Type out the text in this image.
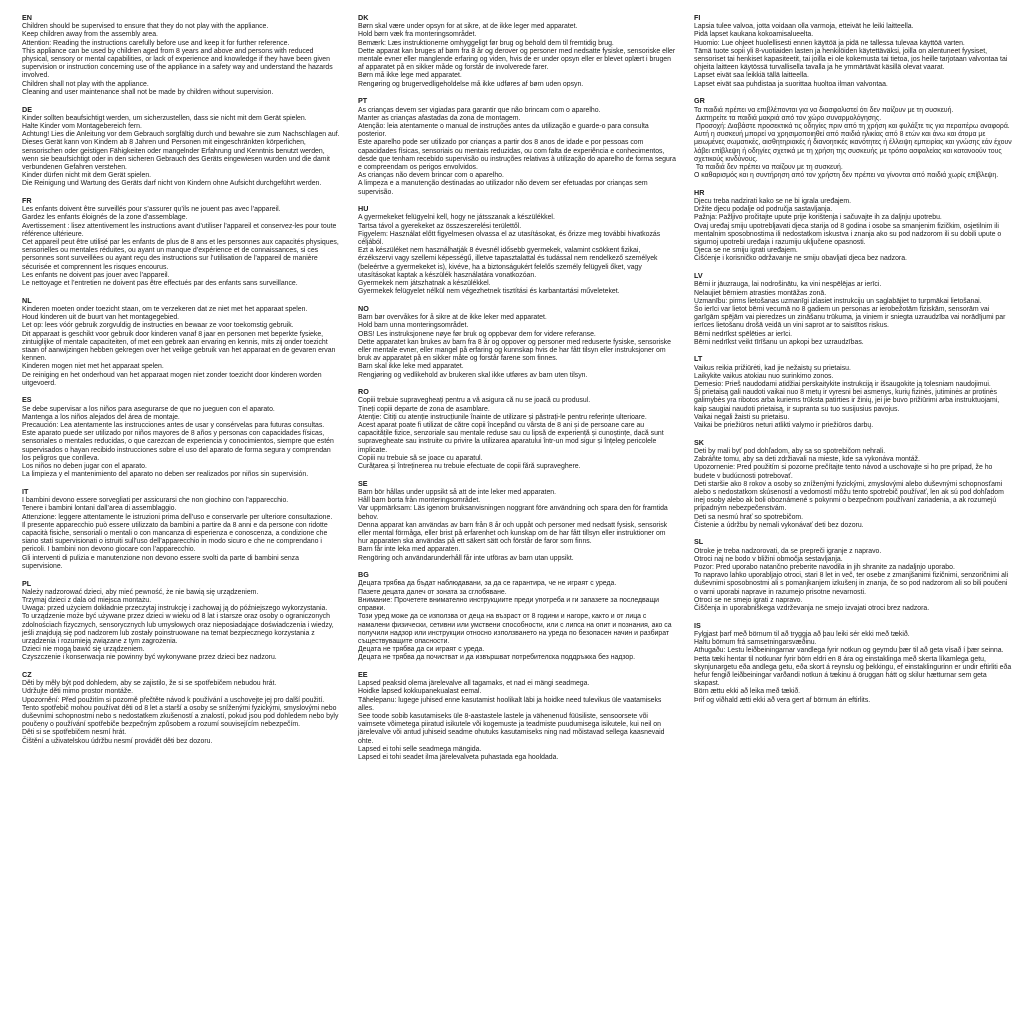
EN
Children should be supervised to ensure that they do not play with the appliance.
Keep children away from the assembly area.
Attention: Reading the instructions carefully before use and keep it for further reference.
This appliance can be used by children aged from 8 years and above and persons with reduced physical, sensory or mental capabilities, or lack of experience and knowledge if they have been given supervision or instruction concerning use of the appliance in a safety way and understand the hazards involved.
Children shall not play with the appliance.
Cleaning and user maintenance shall not be made by children without supervision.
DE
Kinder sollten beaufsichtigt werden, um sicherzustellen, dass sie nicht mit dem Gerät spielen.
Halte Kinder vom Montagebereich fern.
Achtung! Lies die Anleitung vor dem Gebrauch sorgfältig durch und bewahre sie zum Nachschlagen auf.
Dieses Gerät kann von Kindern ab 8 Jahren und Personen mit eingeschränkten körperlichen, sensorischen oder geistigen Fähigkeiten oder mangelnder Erfahrung und Kenntnis benutzt werden, wenn sie beaufsichtigt oder in den sicheren Gebrauch des Geräts eingewiesen wurden und die damit verbundenen Gefahren verstehen.
Kinder dürfen nicht mit dem Gerät spielen.
Die Reinigung und Wartung des Geräts darf nicht von Kindern ohne Aufsicht durchgeführt werden.
FR
Les enfants doivent être surveillés pour s’assurer qu’ils ne jouent pas avec l’appareil.
Gardez les enfants éloignés de la zone d’assemblage.
Avertissement : lisez attentivement les instructions avant d’utiliser l’appareil et conservez-les pour toute référence ultérieure.
Cet appareil peut être utilisé par les enfants de plus de 8 ans et les personnes aux capacités physiques, sensorielles ou mentales réduites, ou ayant un manque d’expérience et de connaissances, si ces personnes sont surveillées ou ayant reçu des instructions sur l’utilisation de l’appareil de manière sécurisée et comprennent les risques encourus.
Les enfants ne doivent pas jouer avec l’appareil.
Le nettoyage et l’entretien ne doivent pas être effectués par des enfants sans surveillance.
NL
Kinderen moeten onder toezicht staan, om te verzekeren dat ze niet met het apparaat spelen.
Houd kinderen uit de buurt van het montagegebied.
Let op: lees vóór gebruik zorgvuldig de instructies en bewaar ze voor toekomstig gebruik.
Dit apparaat is geschikt voor gebruik door kinderen vanaf 8 jaar en personen met beperkte fysieke, zintuiglijke of mentale capaciteiten, of met een gebrek aan ervaring en kennis, mits zij onder toezicht staan of aanwijzingen hebben gekregen over het veilige gebruik van het apparaat en de gevaren ervan kennen.
Kinderen mogen niet met het apparaat spelen.
De reiniging en het onderhoud van het apparaat mogen niet zonder toezicht door kinderen worden uitgevoerd.
ES
Se debe supervisar a los niños para asegurarse de que no jueguen con el aparato.
Mantenga a los niños alejados del área de montaje.
Precaución: Lea atentamente las instrucciones antes de usar y consérvelas para futuras consultas.
Este aparato puede ser utilizado por niños mayores de 8 años y personas con capacidades físicas, sensoriales o mentales reducidas, o que carezcan de experiencia y conocimientos, siempre que estén supervisados o hayan recibido instrucciones sobre el uso del aparato de forma segura y comprendan los peligros que conlleva.
Los niños no deben jugar con el aparato.
La limpieza y el mantenimiento del aparato no deben ser realizados por niños sin supervisión.
IT
I bambini devono essere sorvegliati per assicurarsi che non giochino con l’apparecchio.
Tenere i bambini lontani dall’area di assemblaggio.
Attenzione: leggere attentamente le istruzioni prima dell’uso e conservarle per ulteriore consultazione.
Il presente apparecchio può essere utilizzato da bambini a partire da 8 anni e da persone con ridotte capacità fisiche, sensoriali o mentali o con mancanza di esperienza e conoscenza, a condizione che siano stati supervisionati o istruiti sull’uso dell’apparecchio in modo sicuro e che ne comprendano i pericoli. I bambini non devono giocare con l’apparecchio.
Gli interventi di pulizia e manutenzione non devono essere svolti da parte di bambini senza supervisione.
PL
Należy nadzorować dzieci, aby mieć pewność, że nie bawią się urządzeniem.
Trzymaj dzieci z dala od miejsca montażu.
Uwaga: przed użyciem dokładnie przeczytaj instrukcję i zachowaj ją do późniejszego wykorzystania.
To urządzenie może być używane przez dzieci w wieku od 8 lat i starsze oraz osoby o ograniczonych zdolnościach fizycznych, sensorycznych lub umysłowych oraz nieposiadające doświadczenia i wiedzy, jeśli znajdują się pod nadzorem lub zostały poinstruowane na temat bezpiecznego korzystania z urządzenia i rozumieją związane z tym zagrożenia.
Dzieci nie mogą bawić się urządzeniem.
Czyszczenie i konserwacja nie powinny być wykonywane przez dzieci bez nadzoru.
CZ
Děti by měly být pod dohledem, aby se zajistilo, že si se spotřebičem nebudou hrát.
Udržujte děti mimo prostor montáže.
Upozornění: Před použitím si pozorně přečtěte návod k používání a uschovejte jej pro další použití.
Tento spotřebič mohou používat děti od 8 let a starší a osoby se sníženými fyzickými, smyslovými nebo duševními schopnostmi nebo s nedostatkem zkušeností a znalostí, pokud jsou pod dohledem nebo byly poučeny o používání spotřebiče bezpečným způsobem a rozumí souvisejícím nebezpečím.
Děti si se spotřebičem nesmí hrát.
Čištění a uživatelskou údržbu nesmí provádět děti bez dozoru.
DK
Børn skal være under opsyn for at sikre, at de ikke leger med apparatet.
Hold børn væk fra monteringsområdet.
Bemærk: Læs instruktionerne omhyggeligt før brug og behold dem til fremtidig brug.
Dette apparat kan bruges af børn fra 8 år og derover og personer med nedsatte fysiske, sensoriske eller mentale evner eller manglende erfaring og viden, hvis de er under opsyn eller er blevet oplært i brugen af apparatet på en sikker måde og forstår de involverede farer.
Børn må ikke lege med apparatet.
Rengøring og brugervedligeholdelse må ikke udføres af børn uden opsyn.
PT
As crianças devem ser vigiadas para garantir que não brincam com o aparelho.
Manter as crianças afastadas da zona de montagem.
Atenção: leia atentamente o manual de instruções antes da utilização e guarde-o para consulta posterior.
Este aparelho pode ser utilizado por crianças a partir dos 8 anos de idade e por pessoas com capacidades físicas, sensoriais ou mentais reduzidas, ou com falta de experiência e conhecimentos, desde que tenham recebido supervisão ou instruções relativas à utilização do aparelho de forma segura e compreendam os perigos envolvidos.
As crianças não devem brincar com o aparelho.
A limpeza e a manutenção destinadas ao utilizador não devem ser efetuadas por crianças sem supervisão.
HU
A gyermekeket felügyelni kell, hogy ne játsszanak a készülékkel.
Tartsa távol a gyerekeket az összeszerelési területtől.
Figyelem: Használat előtt figyelmesen olvassa el az utasításokat, és őrizze meg további hivatkozás céljából.
Ezt a készüléket nem használhatják 8 évesnél idősebb gyermekek, valamint csökkent fizikai, érzékszervi vagy szellemi képességű, illetve tapasztalattal és tudással nem rendelkező személyek (beleértve a gyermekeket is), kivéve, ha a biztonságukért felelős személy felügyeli őket, vagy utasításokat kaptak a készülék használatára vonatkozóan.
Gyermekek nem játszhatnak a készülékkel.
Gyermekek felügyelet nélkül nem végezhetnek tisztítási és karbantartási műveleteket.
NO
Barn bør overvåkes for å sikre at de ikke leker med apparatet.
Hold barn unna monteringsområdet.
OBS! Les instruksjonene nøye før bruk og oppbevar dem for videre referanse.
Dette apparatet kan brukes av barn fra 8 år og oppover og personer med reduserte fysiske, sensoriske eller mentale evner, eller mangel på erfaring og kunnskap hvis de har fått tilsyn eller instruksjoner om bruk av apparatet på en sikker måte og forstår farene som finnes.
Barn skal ikke leke med apparatet.
Rengjøring og vedlikehold av brukeren skal ikke utføres av barn uten tilsyn.
RO
Copiii trebuie supravegheați pentru a vă asigura că nu se joacă cu produsul.
Țineți copiii departe de zona de asamblare.
Atenție: Citiți cu atenție instrucțiunile înainte de utilizare și păstrați-le pentru referințe ulterioare.
Acest aparat poate fi utilizat de către copii începând cu vârsta de 8 ani și de persoane care au capacitățile fizice, senzoriale sau mentale reduse sau cu lipsă de experiență și cunoștințe, dacă sunt supravegheate sau instruite cu privire la utilizarea aparatului într-un mod sigur și înțeleg pericolele implicate.
Copiii nu trebuie să se joace cu aparatul.
Curățarea și întreținerea nu trebuie efectuate de copii fără supraveghere.
SE
Barn bör hållas under uppsikt så att de inte leker med apparaten.
Håll barn borta från monteringsområdet.
Var uppmärksam: Läs igenom bruksanvisningen noggrant före användning och spara den för framtida behov.
Denna apparat kan användas av barn från 8 år och uppåt och personer med nedsatt fysisk, sensorisk eller mental förmåga, eller brist på erfarenhet och kunskap om de har fått tillsyn eller instruktioner om hur apparaten ska användas på ett säkert sätt och förstår de faror som finns.
Barn får inte leka med apparaten.
Rengöring och användarunderhåll får inte utföras av barn utan uppsikt.
BG
Децата трябва да бъдат наблюдавани, за да се гарантира, че не играят с уреда.
Пазете децата далеч от зоната за сглобяване.
Внимание: Прочетете внимателно инструкциите преди употреба и ги запазете за последващи справки.
Този уред може да се използва от деца на възраст от 8 години и нагоре, както и от лица с намалени физически, сетивни или умствени способности, или с липса на опит и познания, ако са получили надзор или инструкции относно използването на уреда по безопасен начин и разбират съществуващите опасности.
Децата не трябва да си играят с уреда.
Децата не трябва да почистват и да извършват потребителска поддръжка без надзор.
EE
Lapsed peaksid olema järelevalve all tagamaks, et nad ei mängi seadmega.
Hoidke lapsed kokkupanekualast eemal.
Tähelepanu: lugege juhised enne kasutamist hoolikalt läbi ja hoidke need tulevikus üle vaatamiseks alles.
See toode sobib kasutamiseks üle 8-aastastele lastele ja vähenenud füüsiliste, sensoorsete või vaimsete võimetega piiratud isikutele või kogemuste ja teadmiste puudumisega isikutele, kui neil on järelevalve või antud juhiseid seadme ohutuks kasutamiseks ning nad mõistavad sellega kaasnevaid ohte.
Lapsed ei tohi selle seadmega mängida.
Lapsed ei tohi seadet ilma järelevalveta puhastada ega hooldada.
FI
Lapsia tulee valvoa, jotta voidaan olla varmoja, etteivät he leiki laitteella.
Pidä lapset kaukana kokoamisalueelta.
Huomio: Lue ohjeet huolellisesti ennen käyttöä ja pidä ne tallessa tulevaa käyttöä varten.
Tämä tuote sopii yli 8-vuotiaiden lasten ja henkilöiden käytettäväksi, joilla on alentuneet fyysiset, sensoriset tai henkiset kapasiteetit, tai joilla ei ole kokemusta tai tietoa, jos heille tarjotaan valvontaa tai ohjeita laitteen käytössä turvallisella tavalla ja he ymmärtävät käsillä olevat vaarat.
Lapset eivät saa leikkiä tällä laitteella.
Lapset eivät saa puhdistaa ja suorittaa huoltoa ilman valvontaa.
GR
Τα παιδιά πρέπει να επιβλέπονται για να διασφαλιστεί ότι δεν παίζουν με τη συσκευή.
Διατηρείτε τα παιδιά μακριά από τον χώρο συναρμολόγησης.
Προσοχή: Διαβάστε προσεκτικά τις οδηγίες πριν από τη χρήση και φυλάξτε τις για περαιτέρω αναφορά.
Αυτή η συσκευή μπορεί να χρησιμοποιηθεί από παιδιά ηλικίας από 8 ετών και άνω και άτομα με μειωμένες σωματικές, αισθητηριακές ή διανοητικές ικανότητες ή έλλειψη εμπειρίας και γνώσης εάν έχουν λάβει επίβλεψη ή οδηγίες σχετικά με τη χρήση της συσκευής με τρόπο ασφαλείας και κατανοούν τους σχετικούς κινδύνους.
Τα παιδιά δεν πρέπει να παίζουν με τη συσκευή.
Ο καθαρισμός και η συντήρηση από τον χρήστη δεν πρέπει να γίνονται από παιδιά χωρίς επίβλεψη.
HR
Djecu treba nadzirati kako se ne bi igrala uređajem.
Držite djecu podalje od područja sastavljanja.
Pažnja: Pažljivo pročitajte upute prije korištenja i sačuvajte ih za daljnju upotrebu.
Ovaj uređaj smiju upotrebljavati djeca starija od 8 godina i osobe sa smanjenim fizičkim, osjetilnim ili mentalnim sposobnostima ili nedostatkom iskustva i znanja ako su pod nadzorom ili su dobili upute o sigurnoj upotrebi uređaja i razumiju uključene opasnosti.
Djeca se ne smiju igrati uređajem.
Čišćenje i korisničko održavanje ne smiju obavljati djeca bez nadzora.
LV
Bērni ir jāuzrauga, lai nodrošinātu, ka vini nespēlējas ar ierīci.
Nelaujiet bērniem atrasties montāžas zonā.
Uzmanību: pirms lietošanas uzmanīgi izlasiet instrukciju un saglabājiet to turpmākai lietošanai.
Šo ierīci var lietot bērni vecumā no 8 gadiem un personas ar ierobežotām fiziskām, sensorām vai garīgām spējām vai pieredzes un zināšanu trūkuma, ja viniem ir sniegta uzraudzība vai norādījumi par ierīces lietošanu drošā veidā un vini saprot ar to saistītos riskus.
Bērni nedrīkst spēlēties ar ierīci.
Bērni nedrīkst veikt tīrīšanu un apkopi bez uzraudzības.
LT
Vaikus reikia prižiūrėti, kad jie nežaistų su prietaisu.
Laikykite vaikus atokiau nuo surinkimo zonos.
Demesio: Prieš naudodami atidžiai perskaitykite instrukciją ir išsaugokite ją tolesniam naudojimui.
Šį prietaisą gali naudoti vaikai nuo 8 metų ir vyresni bei asmenys, kurių fizinės, jutiminės ar protinės galimybės yra ribotos arba kuriems trūksta patirties ir žinių, jei jie buvo prižiūrimi arba instruktuojami, kaip saugiai naudoti prietaisą, ir supranta su tuo susijusius pavojus.
Vaikai negali žaisti su prietaisu.
Vaikai be priežiūros neturi atlikti valymo ir priežiūros darbų.
SK
Deti by mali byť pod dohľadom, aby sa so spotrebičom nehrali.
Zabráňte tomu, aby sa deti zdržiavali na mieste, kde sa vykonáva montáž.
Upozornenie: Pred použitím si pozorne prečítajte tento návod a uschovajte si ho pre prípad, že ho budete v budúcnosti potrebovať.
Deti staršie ako 8 rokov a osoby so zníženými fyzickými, zmyslovými alebo duševnými schopnosťami alebo s nedostatkom skúseností a vedomostí môžu tento spotrebič používať, len ak sú pod dohľadom inej osoby alebo ak boli oboznámené s pokynmi o bezpečnom používaní zariadenia, a ak rozumejú prípadným nebezpečenstvám.
Deti sa nesmú hrať so spotrebičom.
Čistenie a údržbu by nemali vykonávať deti bez dozoru.
SL
Otroke je treba nadzorovati, da se prepreči igranje z napravo.
Otroci naj ne bodo v bližini območja sestavljanja.
Pozor: Pred uporabo natančno preberite navodila in jih shranite za nadaljnjo uporabo.
To napravo lahko uporabljajo otroci, stari 8 let in več, ter osebe z zmanjšanimi fizičnimi, senzoričnimi ali duševnimi sposobnostmi ali s pomanjkanjem izkušenj in znanja, če so pod nadzorom ali so bili poučeni o varni uporabi naprave in razumejo prisotne nevarnosti.
Otroci se ne smejo igrati z napravo.
Čiščenja in uporabniškega vzdrževanja ne smejo izvajati otroci brez nadzora.
IS
Fylgjast þarf með börnum til að tryggja að þau leiki sér ekki með tækið.
Haltu börnum frá samsetningarsvæðinu.
Athugaðu: Lestu leiðbeiningarnar vandlega fyrir notkun og geymdu þær til að geta vísað í þær seinna.
Þetta tæki hentar til notkunar fyrir börn eldri en 8 ára og einstaklinga með skerta líkamlega getu, skynjunargetu eða andlega getu, eða skort á reynslu og þekkingu, ef einstaklingurinn er undir eftirliti eða hefur fengið leiðbeiningar varðandi notkun á tækinu á öruggan hátt og skilur hætturnar sem geta skapast.
Börn ættu ekki að leika með tækið.
Þrif og viðhald ætti ekki að vera gert af börnum án eftirlits.
